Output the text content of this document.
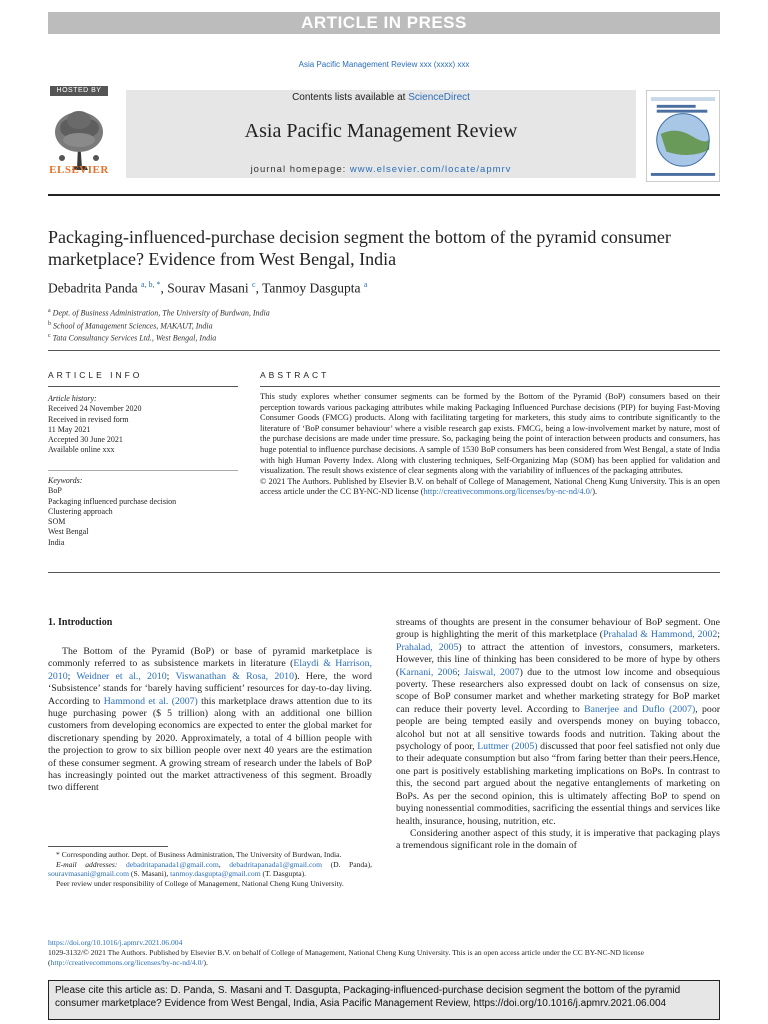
ARTICLE IN PRESS
Asia Pacific Management Review xxx (xxxx) xxx
HOSTED BY
ELSEVIER
Contents lists available at ScienceDirect
Asia Pacific Management Review
journal homepage: www.elsevier.com/locate/apmrv
Packaging-influenced-purchase decision segment the bottom of the pyramid consumer marketplace? Evidence from West Bengal, India
Debadrita Panda $^{a, b, *}$, Sourav Masani $^c$, Tanmoy Dasgupta $^a$
$^a$ Dept. of Business Administration, The University of Burdwan, India
$^b$ School of Management Sciences, MAKAUT, India
$^c$ Tata Consultancy Services Ltd., West Bengal, India
ARTICLE INFO	ABSTRACT
Article history:
Received 24 November 2020
Received in revised form
11 May 2021
Accepted 30 June 2021
Available online xxx
Keywords:
BoP
Packaging influenced purchase decision
Clustering approach
SOM
West Bengal
India
This study explores whether consumer segments can be formed by the Bottom of the Pyramid (BoP) consumers based on their perception towards various packaging attributes while making Packaging Influenced Purchase decisions (PIP) for buying Fast-Moving Consumer Goods (FMCG) products. Along with facilitating targeting for marketers, this study aims to contribute significantly to the literature of ‘BoP consumer behaviour’ where a visible research gap exists. FMCG, being a low-involvement market by nature, most of the purchase decisions are made under time pressure. So, packaging being the point of interaction between products and consumers, has huge potential to influence purchase decisions. A sample of 1530 BoP consumers has been considered from West Bengal, a state of India with high Human Poverty Index. Along with clustering techniques, Self-Organizing Map (SOM) has been applied for validation and visualization. The result shows existence of clear segments along with the variability of influences of the packaging attributes.
© 2021 The Authors. Published by Elsevier B.V. on behalf of College of Management, National Cheng Kung University. This is an open access article under the CC BY-NC-ND license (http://creativecommons.org/licenses/by-nc-nd/4.0/).
1. Introduction

The Bottom of the Pyramid (BoP) or base of pyramid marketplace is commonly referred to as subsistence markets in literature (Elaydi & Harrison, 2010; Weidner et al., 2010; Viswanathan & Rosa, 2010). Here, the word ‘Subsistence’ stands for ‘barely having sufficient’ resources for day-to-day living. According to Hammond et al. (2007) this marketplace draws attention due to its huge purchasing power ($ 5 trillion) along with an additional one billion customers from developing economics are expected to enter the global market for discretionary spending by 2020. Approximately, a total of 4 billion people with the projection to grow to six billion people over next 40 years are the estimation of these consumer segment. A growing stream of research under the labels of BoP has increasingly pointed out the market attractiveness of this segment. Broadly two different

streams of thoughts are present in the consumer behaviour of BoP segment. One group is highlighting the merit of this marketplace (Prahalad & Hammond, 2002; Prahalad, 2005) to attract the attention of investors, consumers, marketers. However, this line of thinking has been considered to be more of hype by others (Karnani, 2006; Jaiswal, 2007) due to the utmost low income and obsequious poverty. These researchers also expressed doubt on lack of consensus on size, scope of BoP consumer market and whether marketing strategy for BoP market can reduce their poverty level. According to Banerjee and Duflo (2007), poor people are being tempted easily and overspends money on buying tobacco, alcohol but not at all sensitive towards foods and nutrition. Taking about the psychology of poor, Luttmer (2005) discussed that poor feel satisfied not only due to their adequate consumption but also “from faring better than their peers.Hence, one part is positively establishing marketing implications on BoPs. In contrast to this, the second part argued about the negative entanglements of marketing on BoPs. As per the second opinion, this is ultimately affecting BoP to spend on buying nonessential commodities, sacrificing the essential things and services like health, insurance, housing, nutrition, etc.

Considering another aspect of this study, it is imperative that packaging plays a tremendous significant role in the domain of

* Corresponding author. Dept. of Business Administration, The University of Burdwan, India.
E-mail addresses: debadritapanada1@gmail.com, debadritapanada1@gmail.com (D. Panda), souravmasani@gmail.com (S. Masani), tanmoy.dasgupta@gmail.com (T. Dasgupta).
Peer review under responsibility of College of Management, National Cheng Kung University.
https://doi.org/10.1016/j.apmrv.2021.06.004
1029-3132/© 2021 The Authors. Published by Elsevier B.V. on behalf of College of Management, National Cheng Kung University. This is an open access article under the CC BY-NC-ND license (http://creativecommons.org/licenses/by-nc-nd/4.0/).
Please cite this article as: D. Panda, S. Masani and T. Dasgupta, Packaging-influenced-purchase decision segment the bottom of the pyramid consumer marketplace? Evidence from West Bengal, India, Asia Pacific Management Review, https://doi.org/10.1016/j.apmrv.2021.06.004
